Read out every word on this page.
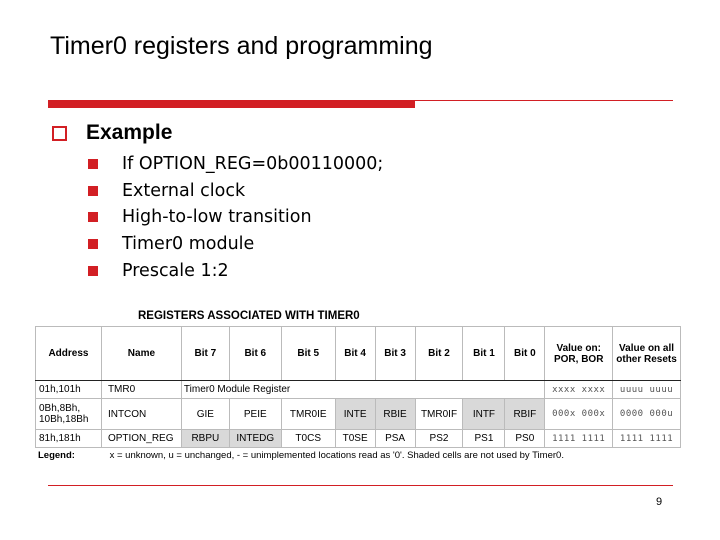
Timer0 registers and programming
Example
If OPTION_REG=0b00110000;
External clock
High-to-low transition
Timer0 module
Prescale 1:2
REGISTERS ASSOCIATED WITH TIMER0
Address	Name	Bit 7	Bit 6	Bit 5	Bit 4	Bit 3	Bit 2	Bit 1	Bit 0	Value on: POR, BOR	Value on all other Resets
01h,101h	TMR0	Timer0 Module Register								xxxx xxxx	uuuu uuuu
0Bh,8Bh, 10Bh,18Bh	INTCON	GIE	PEIE	TMR0IE	INTE	RBIE	TMR0IF	INTF	RBIF	000x 000x	0000 000u
81h,181h	OPTION_REG	RBPU	INTEDG	T0CS	T0SE	PSA	PS2	PS1	PS0	1111 1111	1111 1111
Legend:	x = unknown, u = unchanged, - = unimplemented locations read as '0'. Shaded cells are not used by Timer0.
9
